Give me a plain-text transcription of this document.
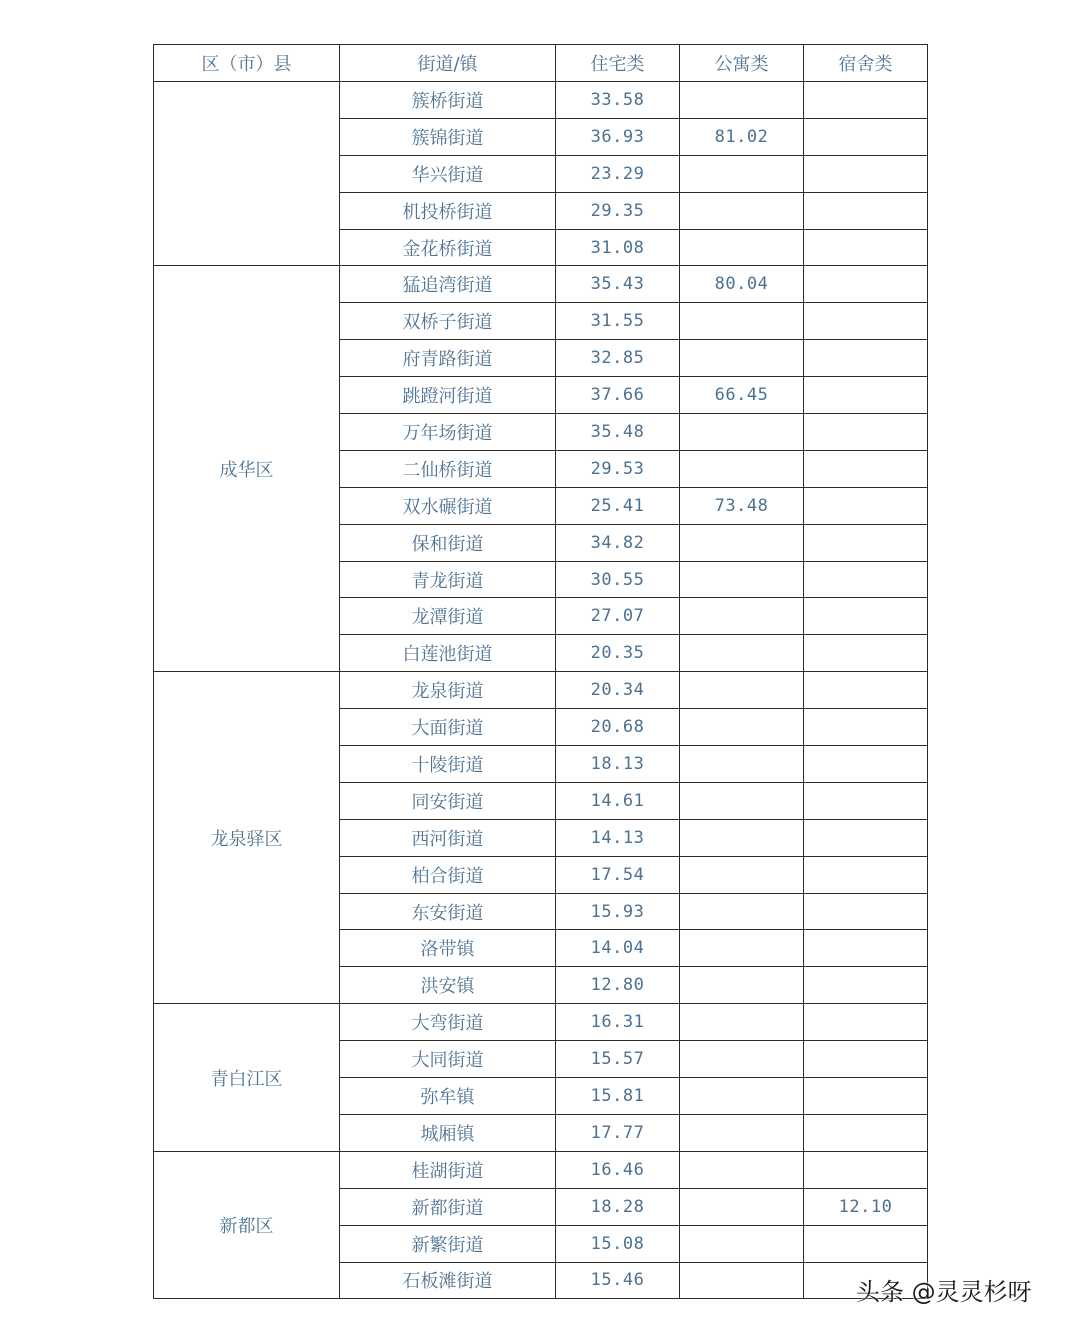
区（市）县	街道/镇	住宅类	公寓类	宿舍类
	簇桥街道	33.58		
	簇锦街道	36.93	81.02	
	华兴街道	23.29		
	机投桥街道	29.35		
	金花桥街道	31.08		
成华区	猛追湾街道	35.43	80.04	
	双桥子街道	31.55		
	府青路街道	32.85		
	跳蹬河街道	37.66	66.45	
	万年场街道	35.48		
	二仙桥街道	29.53		
	双水碾街道	25.41	73.48	
	保和街道	34.82		
	青龙街道	30.55		
	龙潭街道	27.07		
	白莲池街道	20.35		
龙泉驿区	龙泉街道	20.34		
	大面街道	20.68		
	十陵街道	18.13		
	同安街道	14.61		
	西河街道	14.13		
	柏合街道	17.54		
	东安街道	15.93		
	洛带镇	14.04		
	洪安镇	12.80		
青白江区	大弯街道	16.31		
	大同街道	15.57		
	弥牟镇	15.81		
	城厢镇	17.77		
新都区	桂湖街道	16.46		
	新都街道	18.28		12.10
	新繁街道	15.08		
	石板滩街道	15.46			头条 @灵灵杉呀
